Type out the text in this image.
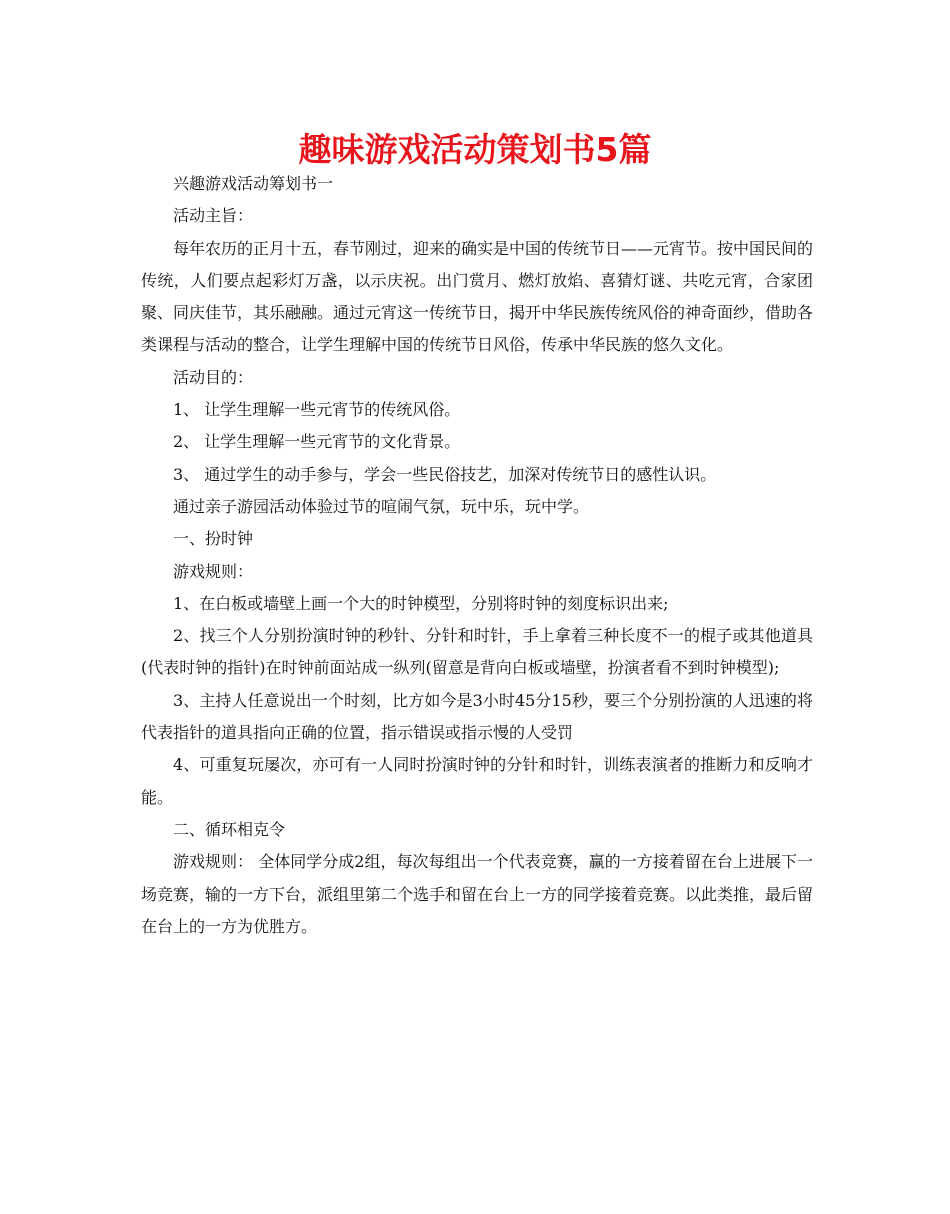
趣味游戏活动策划书5篇

兴趣游戏活动筹划书一

活动主旨：

每年农历的正月十五，春节刚过，迎来的确实是中国的传统节日——元宵节。按中国民间的传统，人们要点起彩灯万盏，以示庆祝。出门赏月、燃灯放焰、喜猜灯谜、共吃元宵，合家团聚、同庆佳节，其乐融融。通过元宵这一传统节日，揭开中华民族传统风俗的神奇面纱，借助各类课程与活动的整合，让学生理解中国的传统节日风俗，传承中华民族的悠久文化。

活动目的：

1、 让学生理解一些元宵节的传统风俗。

2、 让学生理解一些元宵节的文化背景。

3、 通过学生的动手参与，学会一些民俗技艺，加深对传统节日的感性认识。

通过亲子游园活动体验过节的喧闹气氛，玩中乐，玩中学。

一、扮时钟

游戏规则：

1、在白板或墙壁上画一个大的时钟模型，分别将时钟的刻度标识出来;

2、找三个人分别扮演时钟的秒针、分针和时针，手上拿着三种长度不一的棍子或其他道具(代表时钟的指针)在时钟前面站成一纵列(留意是背向白板或墙壁，扮演者看不到时钟模型);

3、主持人任意说出一个时刻，比方如今是3小时45分15秒，要三个分别扮演的人迅速的将代表指针的道具指向正确的位置，指示错误或指示慢的人受罚

4、可重复玩屡次，亦可有一人同时扮演时钟的分针和时针，训练表演者的推断力和反响才能。

二、循环相克令

游戏规则： 全体同学分成2组，每次每组出一个代表竞赛，赢的一方接着留在台上进展下一场竞赛，输的一方下台，派组里第二个选手和留在台上一方的同学接着竞赛。以此类推，最后留在台上的一方为优胜方。
